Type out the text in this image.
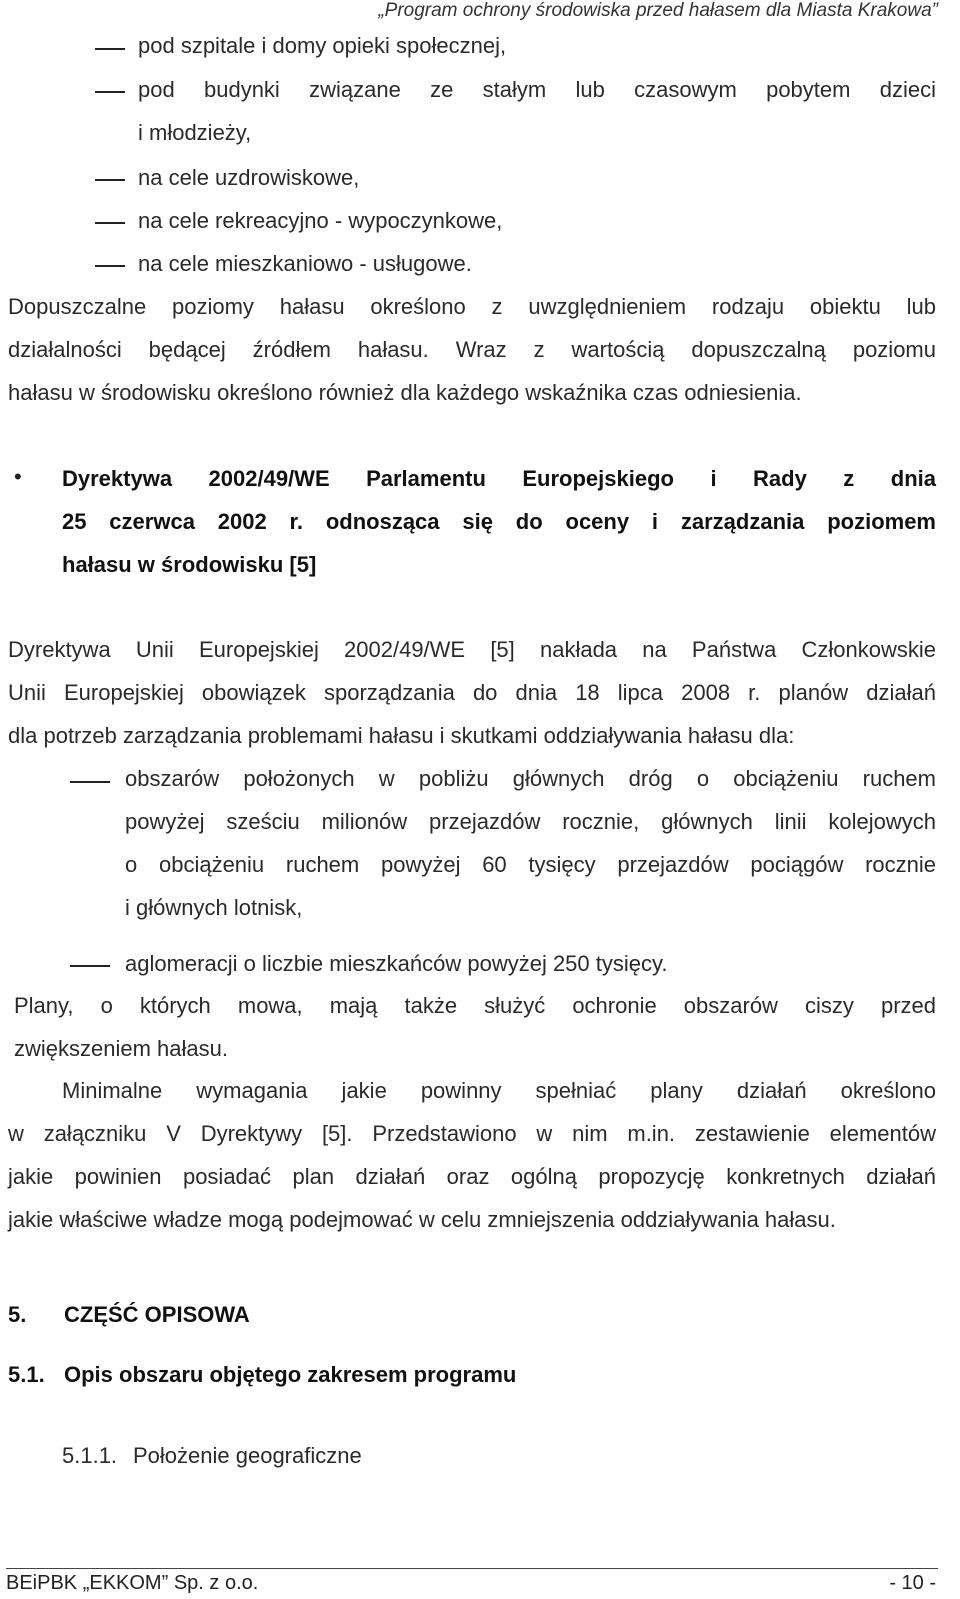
„Program ochrony środowiska przed hałasem dla Miasta Krakowa”
pod szpitale i domy opieki społecznej,
pod budynki związane ze stałym lub czasowym pobytem dzieci
i młodzieży,
na cele uzdrowiskowe,
na cele rekreacyjno - wypoczynkowe,
na cele mieszkaniowo - usługowe.
Dopuszczalne poziomy hałasu określono z uwzględnieniem rodzaju obiektu lub
działalności będącej źródłem hałasu. Wraz z wartością dopuszczalną poziomu
hałasu w środowisku określono również dla każdego wskaźnika czas odniesienia.
• Dyrektywa 2002/49/WE Parlamentu Europejskiego i Rady z dnia
25 czerwca 2002 r. odnosząca się do oceny i zarządzania poziomem
hałasu w środowisku [5]
Dyrektywa Unii Europejskiej 2002/49/WE [5] nakłada na Państwa Członkowskie
Unii Europejskiej obowiązek sporządzania do dnia 18 lipca 2008 r. planów działań
dla potrzeb zarządzania problemami hałasu i skutkami oddziaływania hałasu dla:
obszarów położonych w pobliżu głównych dróg o obciążeniu ruchem
powyżej sześciu milionów przejazdów rocznie, głównych linii kolejowych
o obciążeniu ruchem powyżej 60 tysięcy przejazdów pociągów rocznie
i głównych lotnisk,
aglomeracji o liczbie mieszkańców powyżej 250 tysięcy.
Plany, o których mowa, mają także służyć ochronie obszarów ciszy przed
zwiększeniem hałasu.
Minimalne wymagania jakie powinny spełniać plany działań określono
w załączniku V Dyrektywy [5]. Przedstawiono w nim m.in. zestawienie elementów
jakie powinien posiadać plan działań oraz ogólną propozycję konkretnych działań
jakie właściwe władze mogą podejmować w celu zmniejszenia oddziaływania hałasu.
5. CZĘŚĆ OPISOWA
5.1. Opis obszaru objętego zakresem programu
5.1.1. Położenie geograficzne
BEiPBK „EKKOM” Sp. z o.o.	- 10 -
